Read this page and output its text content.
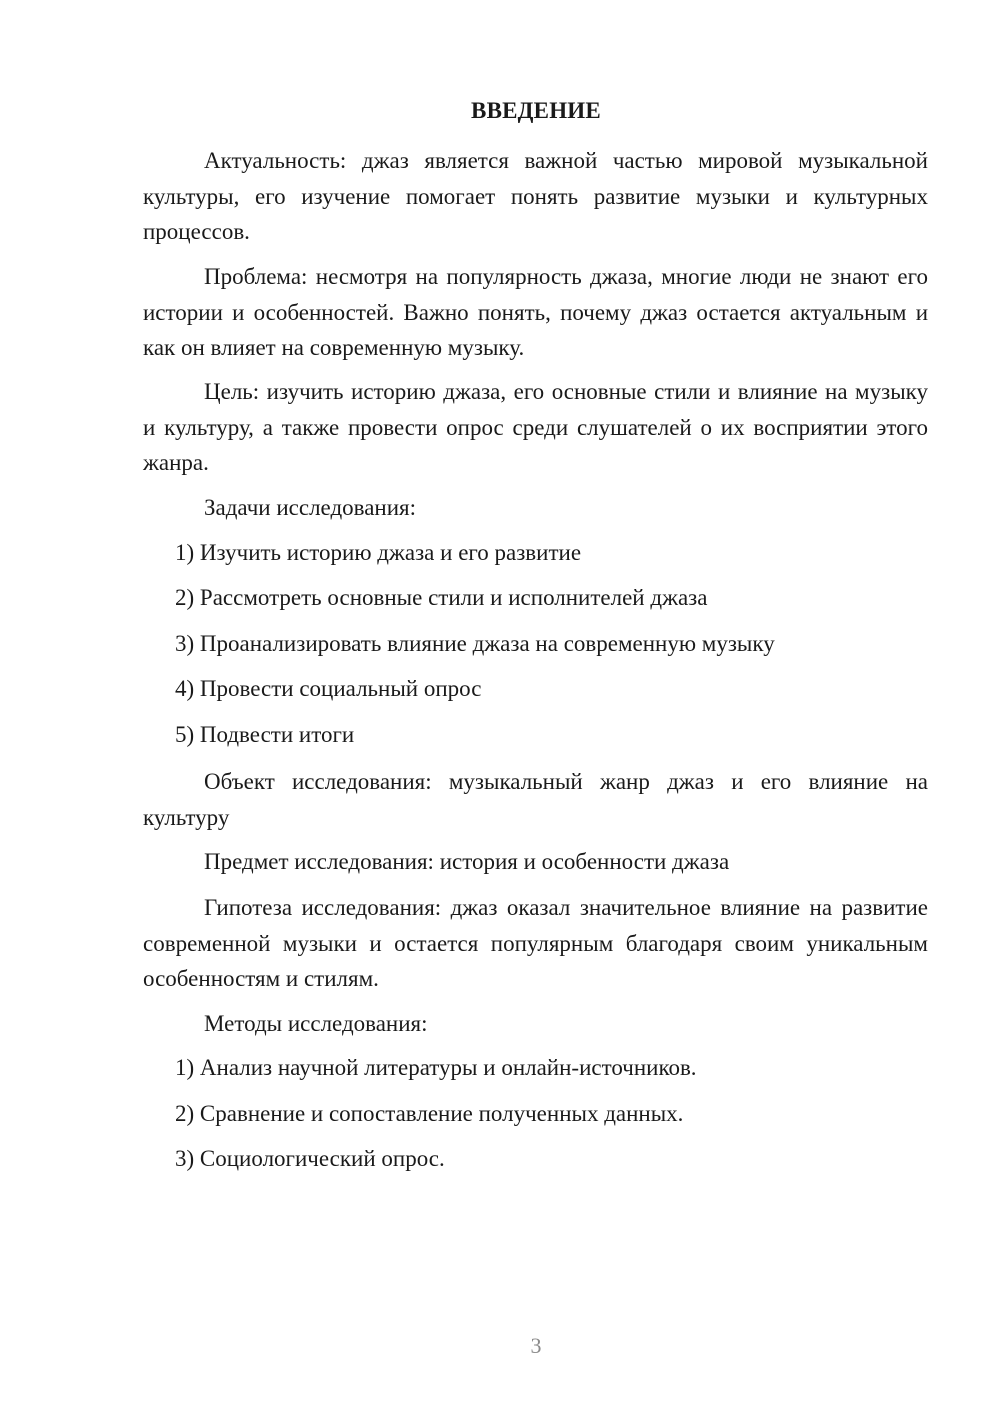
ВВЕДЕНИЕ

Актуальность: джаз является важной частью мировой музыкальной культуры, его изучение помогает понять развитие музыки и культурных процессов.

Проблема: несмотря на популярность джаза, многие люди не знают его истории и особенностей. Важно понять, почему джаз остается актуальным и как он влияет на современную музыку.

Цель: изучить историю джаза, его основные стили и влияние на музыку и культуру, а также провести опрос среди слушателей о их восприятии этого жанра.

Задачи исследования:

1) Изучить историю джаза и его развитие

2) Рассмотреть основные стили и исполнителей джаза

3) Проанализировать влияние джаза на современную музыку

4) Провести социальный опрос

5) Подвести итоги

Объект исследования: музыкальный жанр джаз и его влияние на культуру

Предмет исследования: история и особенности джаза

Гипотеза исследования: джаз оказал значительное влияние на развитие современной музыки и остается популярным благодаря своим уникальным особенностям и стилям.

Методы исследования:

1) Анализ научной литературы и онлайн-источников.

2) Сравнение и сопоставление полученных данных.

3) Социологический опрос.

3
